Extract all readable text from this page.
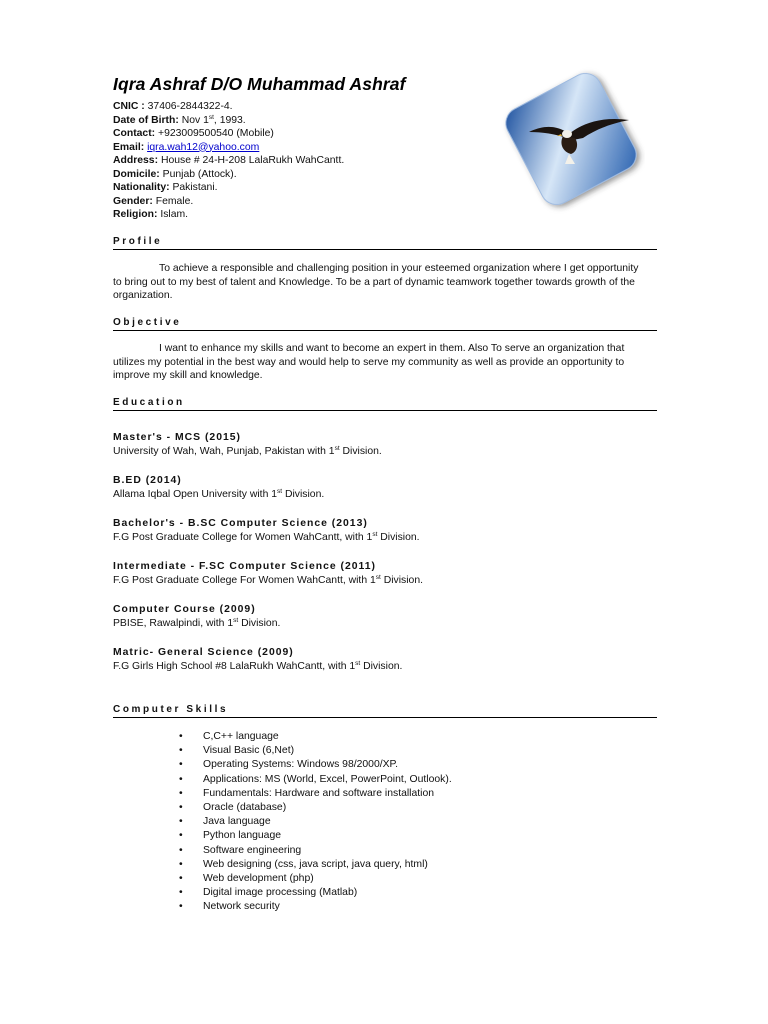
Iqra Ashraf D/O Muhammad Ashraf
CNIC : 37406-2844322-4.
Date of Birth: Nov 1st, 1993.
Contact: +923009500540 (Mobile)
Email: iqra.wah12@yahoo.com
Address: House # 24-H-208 LalaRukh WahCantt.
Domicile: Punjab (Attock).
Nationality: Pakistani.
Gender: Female.
Religion: Islam.
Profile
To achieve a responsible and challenging position in your esteemed organization where I get opportunity to bring out to my best of talent and Knowledge. To be a part of dynamic teamwork together towards growth of the organization.
Objective
I want to enhance my skills and want to become an expert in them. Also To serve an organization that utilizes my potential in the best way and would help to serve my community as well as provide an opportunity to improve my skill and knowledge.
Education
Master's - MCS (2015)
University of Wah, Wah, Punjab, Pakistan with 1st Division.
B.ED (2014)
Allama Iqbal Open University with 1st Division.
Bachelor's - B.SC Computer Science (2013)
F.G Post Graduate College for Women WahCantt, with 1st Division.
Intermediate - F.SC Computer Science (2011)
F.G Post Graduate College For Women WahCantt, with 1st Division.
Computer Course (2009)
PBISE, Rawalpindi, with 1st Division.
Matric- General Science (2009)
F.G Girls High School #8 LalaRukh WahCantt, with 1st Division.
Computer Skills
• C,C++ language
• Visual Basic (6,Net)
• Operating Systems: Windows 98/2000/XP.
• Applications: MS (World, Excel, PowerPoint, Outlook).
• Fundamentals: Hardware and software installation
• Oracle (database)
• Java language
• Python language
• Software engineering
• Web designing (css, java script, java query, html)
• Web development (php)
• Digital image processing (Matlab)
• Network security
